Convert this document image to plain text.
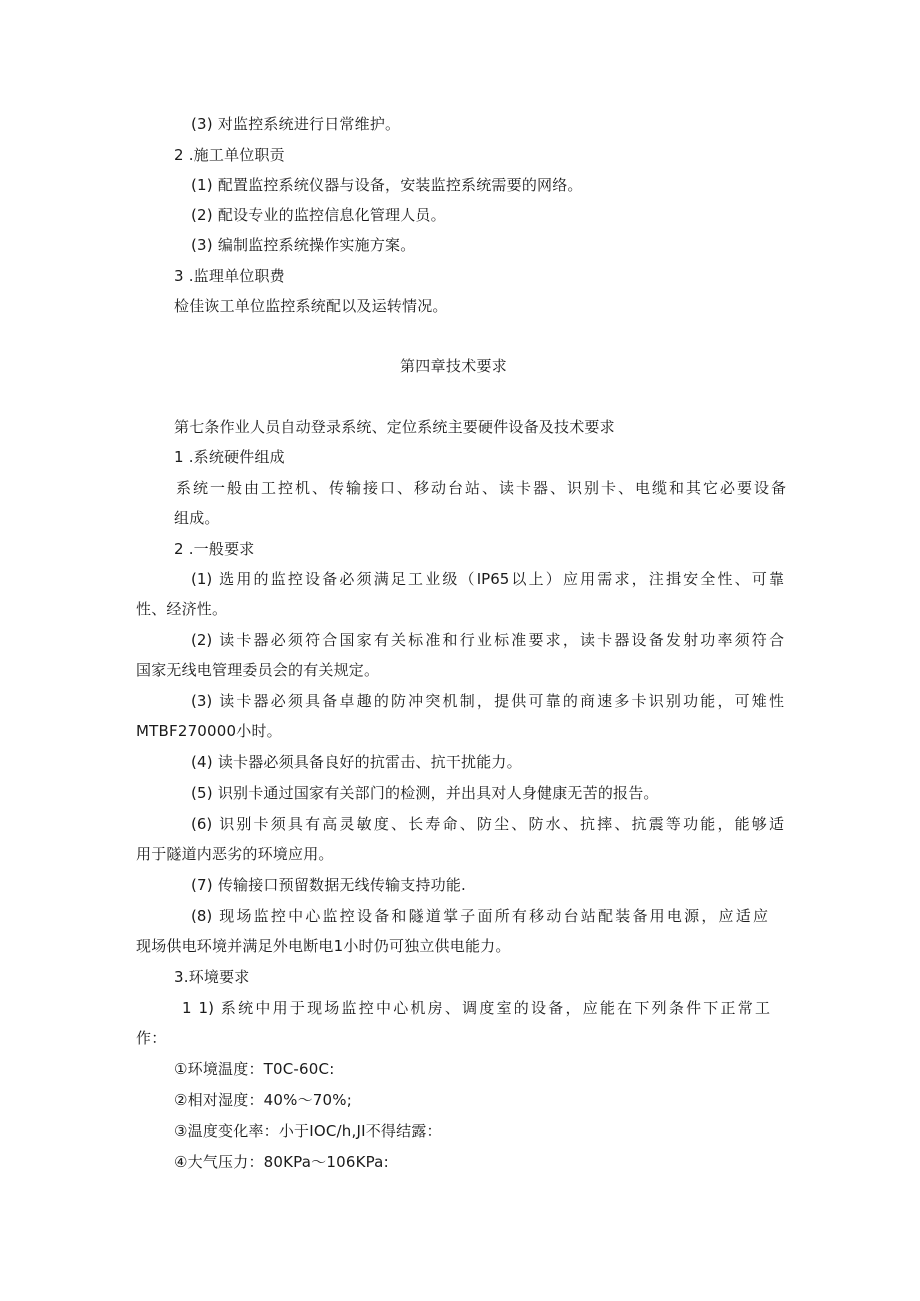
(3) 对监控系统进行日常维护。
2 .施工单位职贡
(1) 配置监控系统仪器与设备，安装监控系统需要的网络。
(2) 配设专业的监控信息化管理人员。
(3) 编制监控系统操作实施方案。
3 .监理单位职费
检佳诙工单位监控系统配以及运转情况。
第四章技术要求
第七条作业人员自动登录系统、定位系统主要硬件设备及技术要求
1 .系统硬件组成
系统一般由工控机、传输接口、移动台站、读卡器、识别卡、电缆和其它必要设备
组成。
2 .一般要求
(1) 选用的监控设备必须满足工业级（IP65以上）应用需求，注揖安全性、可靠
性、经济性。
(2) 读卡器必须符合国家有关标准和行业标准要求，读卡器设备发射功率须符合
国家无线电管理委员会的有关规定。
(3) 读卡器必须具备卓趣的防冲突机制，提供可靠的商速多卡识别功能，可雉性
MTBF270000小时。
(4) 读卡器必须具备良好的抗雷击、抗干扰能力。
(5) 识别卡通过国家有关部门的检测，并出具对人身健康无苦的报告。
(6) 识别卡须具有高灵敏度、长寿命、防尘、防水、抗摔、抗震等功能，能够适
用于隧道内恶劣的环境应用。
(7) 传输接口预留数据无线传输支持功能.
(8) 现场监控中心监控设备和隧道掌子面所有移动台站配装备用电源，应适应
现场供电环境并满足外电断电1小时仍可独立供电能力。
3.环境要求
1 1) 系统中用于现场监控中心机房、调度室的设备，应能在下列条件下正常工
作：
①环境温度：T0C-60C:
②相对湿度：40%〜70%;
③温度变化率：小于IOC/h,JI不得结露：
④大气压力：80KPa〜106KPa:
